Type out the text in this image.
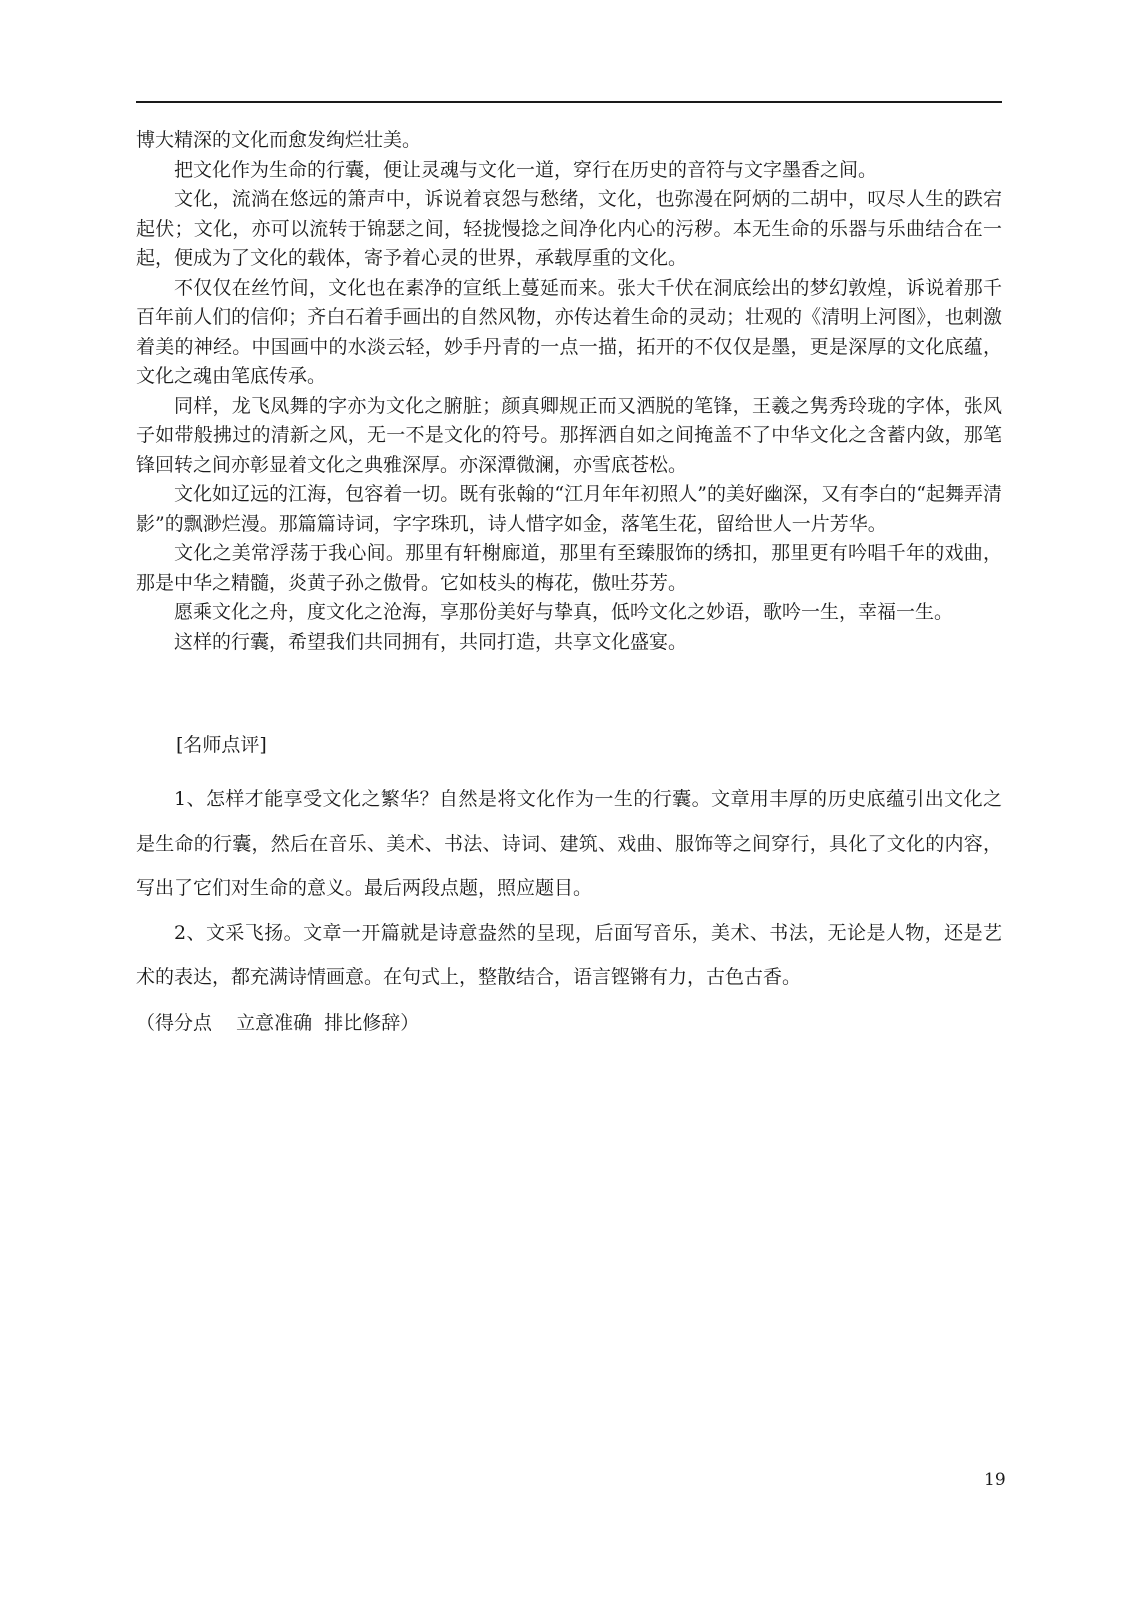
博大精深的文化而愈发绚烂壮美。

把文化作为生命的行囊，便让灵魂与文化一道，穿行在历史的音符与文字墨香之间。

文化，流淌在悠远的箫声中，诉说着哀怨与愁绪，文化，也弥漫在阿炳的二胡中，叹尽人生的跌宕起伏；文化，亦可以流转于锦瑟之间，轻拢慢捻之间净化内心的污秽。本无生命的乐器与乐曲结合在一起，便成为了文化的载体，寄予着心灵的世界，承载厚重的文化。

不仅仅在丝竹间，文化也在素净的宣纸上蔓延而来。张大千伏在洞底绘出的梦幻敦煌，诉说着那千百年前人们的信仰；齐白石着手画出的自然风物，亦传达着生命的灵动；壮观的《清明上河图》，也刺激着美的神经。中国画中的水淡云轻，妙手丹青的一点一描，拓开的不仅仅是墨，更是深厚的文化底蕴，文化之魂由笔底传承。

同样，龙飞凤舞的字亦为文化之腑脏；颜真卿规正而又洒脱的笔锋，王羲之隽秀玲珑的字体，张风子如带般拂过的清新之风，无一不是文化的符号。那挥洒自如之间掩盖不了中华文化之含蓄内敛，那笔锋回转之间亦彰显着文化之典雅深厚。亦深潭微澜，亦雪底苍松。

文化如辽远的江海，包容着一切。既有张翰的“江月年年初照人”的美好幽深，又有李白的“起舞弄清影”的飘渺烂漫。那篇篇诗词，字字珠玑，诗人惜字如金，落笔生花，留给世人一片芳华。

文化之美常浮荡于我心间。那里有轩榭廊道，那里有至臻服饰的绣扣，那里更有吟唱千年的戏曲，那是中华之精髓，炎黄子孙之傲骨。它如枝头的梅花，傲吐芬芳。

愿乘文化之舟，度文化之沧海，享那份美好与挚真，低吟文化之妙语，歌吟一生，幸福一生。

这样的行囊，希望我们共同拥有，共同打造，共享文化盛宴。

[名师点评]

1、怎样才能享受文化之繁华？自然是将文化作为一生的行囊。文章用丰厚的历史底蕴引出文化之是生命的行囊，然后在音乐、美术、书法、诗词、建筑、戏曲、服饰等之间穿行，具化了文化的内容，写出了它们对生命的意义。最后两段点题，照应题目。

2、文采飞扬。文章一开篇就是诗意盎然的呈现，后面写音乐，美术、书法，无论是人物，还是艺术的表达，都充满诗情画意。在句式上，整散结合，语言铿锵有力，古色古香。

（得分点    立意准确  排比修辞）
19
